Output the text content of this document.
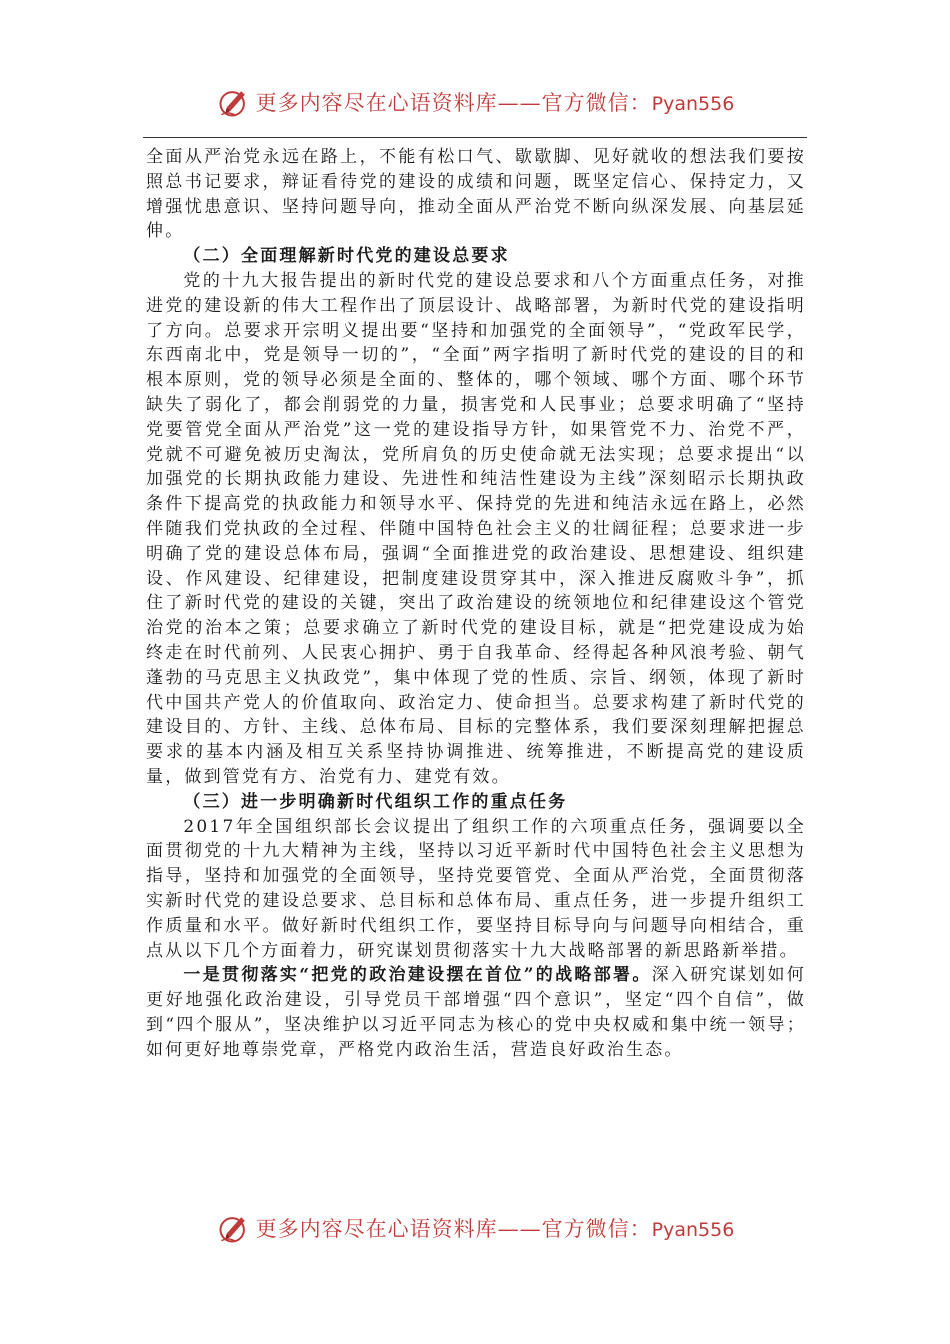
更多内容尽在心语资料库——官方微信：Pyan556

全面从严治党永远在路上，不能有松口气、歇歇脚、见好就收的想法我们要按照总书记要求，辩证看待党的建设的成绩和问题，既坚定信心、保持定力，又增强忧患意识、坚持问题导向，推动全面从严治党不断向纵深发展、向基层延伸。

（二）全面理解新时代党的建设总要求

党的十九大报告提出的新时代党的建设总要求和八个方面重点任务，对推进党的建设新的伟大工程作出了顶层设计、战略部署，为新时代党的建设指明了方向。总要求开宗明义提出要“坚持和加强党的全面领导”，“党政军民学，东西南北中，党是领导一切的”，“全面”两字指明了新时代党的建设的目的和根本原则，党的领导必须是全面的、整体的，哪个领域、哪个方面、哪个环节缺失了弱化了，都会削弱党的力量，损害党和人民事业；总要求明确了“坚持党要管党全面从严治党”这一党的建设指导方针，如果管党不力、治党不严，党就不可避免被历史淘汰，党所肩负的历史使命就无法实现；总要求提出“以加强党的长期执政能力建设、先进性和纯洁性建设为主线”深刻昭示长期执政条件下提高党的执政能力和领导水平、保持党的先进和纯洁永远在路上，必然伴随我们党执政的全过程、伴随中国特色社会主义的壮阔征程；总要求进一步明确了党的建设总体布局，强调“全面推进党的政治建设、思想建设、组织建设、作风建设、纪律建设，把制度建设贯穿其中，深入推进反腐败斗争”，抓住了新时代党的建设的关键，突出了政治建设的统领地位和纪律建设这个管党治党的治本之策；总要求确立了新时代党的建设目标，就是“把党建设成为始终走在时代前列、人民衷心拥护、勇于自我革命、经得起各种风浪考验、朝气蓬勃的马克思主义执政党”，集中体现了党的性质、宗旨、纲领，体现了新时代中国共产党人的价值取向、政治定力、使命担当。总要求构建了新时代党的建设目的、方针、主线、总体布局、目标的完整体系，我们要深刻理解把握总要求的基本内涵及相互关系坚持协调推进、统筹推进，不断提高党的建设质量，做到管党有方、治党有力、建党有效。

（三）进一步明确新时代组织工作的重点任务

2017年全国组织部长会议提出了组织工作的六项重点任务，强调要以全面贯彻党的十九大精神为主线，坚持以习近平新时代中国特色社会主义思想为指导，坚持和加强党的全面领导，坚持党要管党、全面从严治党，全面贯彻落实新时代党的建设总要求、总目标和总体布局、重点任务，进一步提升组织工作质量和水平。做好新时代组织工作，要坚持目标导向与问题导向相结合，重点从以下几个方面着力，研究谋划贯彻落实十九大战略部署的新思路新举措。

一是贯彻落实“把党的政治建设摆在首位”的战略部署。深入研究谋划如何更好地强化政治建设，引导党员干部增强“四个意识”，坚定“四个自信”，做到“四个服从”，坚决维护以习近平同志为核心的党中央权威和集中统一领导；如何更好地尊崇党章，严格党内政治生活，营造良好政治生态。

更多内容尽在心语资料库——官方微信：Pyan556
